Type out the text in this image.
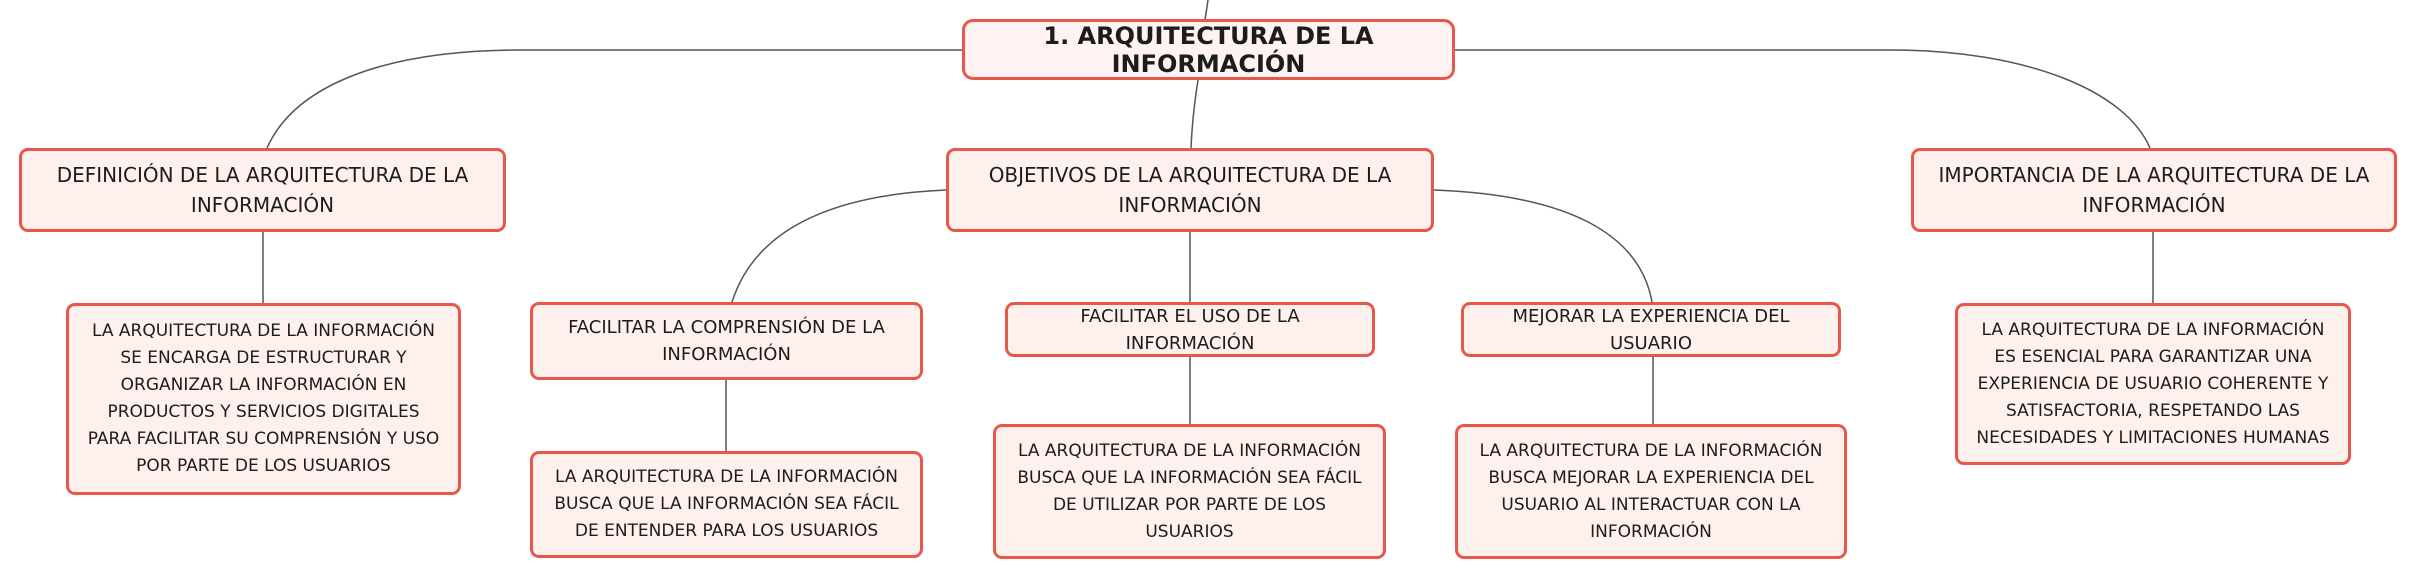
1. ARQUITECTURA DE LA INFORMACIÓN
DEFINICIÓN DE LA ARQUITECTURA DE LA INFORMACIÓN
OBJETIVOS DE LA ARQUITECTURA DE LA INFORMACIÓN
IMPORTANCIA DE LA ARQUITECTURA DE LA INFORMACIÓN
LA ARQUITECTURA DE LA INFORMACIÓN SE ENCARGA DE ESTRUCTURAR Y ORGANIZAR LA INFORMACIÓN EN PRODUCTOS Y SERVICIOS DIGITALES PARA FACILITAR SU COMPRENSIÓN Y USO POR PARTE DE LOS USUARIOS
FACILITAR LA COMPRENSIÓN DE LA INFORMACIÓN
FACILITAR EL USO DE LA INFORMACIÓN
MEJORAR LA EXPERIENCIA DEL USUARIO
LA ARQUITECTURA DE LA INFORMACIÓN ES ESENCIAL PARA GARANTIZAR UNA EXPERIENCIA DE USUARIO COHERENTE Y SATISFACTORIA, RESPETANDO LAS NECESIDADES Y LIMITACIONES HUMANAS
LA ARQUITECTURA DE LA INFORMACIÓN BUSCA QUE LA INFORMACIÓN SEA FÁCIL DE ENTENDER PARA LOS USUARIOS
LA ARQUITECTURA DE LA INFORMACIÓN BUSCA QUE LA INFORMACIÓN SEA FÁCIL DE UTILIZAR POR PARTE DE LOS USUARIOS
LA ARQUITECTURA DE LA INFORMACIÓN BUSCA MEJORAR LA EXPERIENCIA DEL USUARIO AL INTERACTUAR CON LA INFORMACIÓN
